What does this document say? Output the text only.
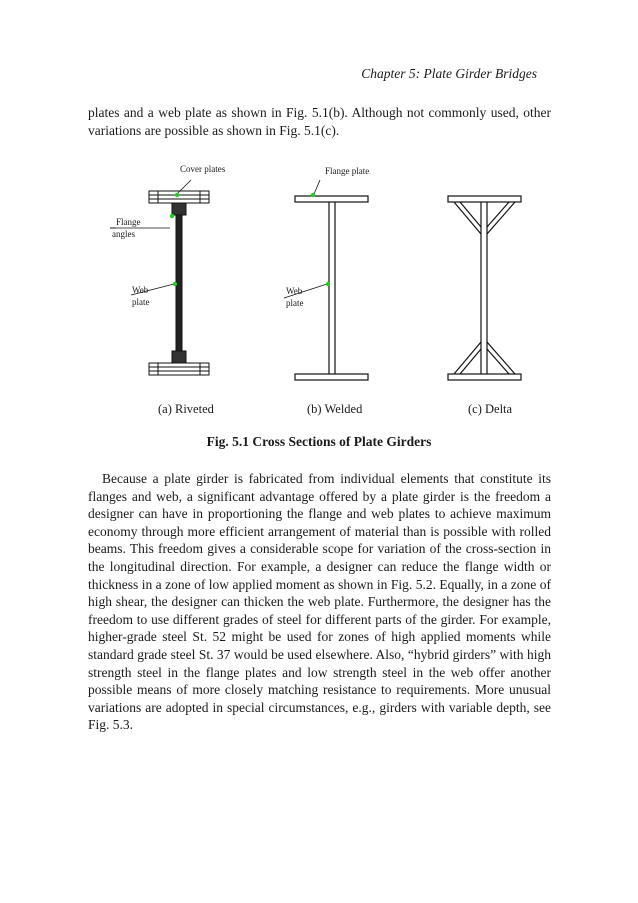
Chapter 5: Plate Girder Bridges

plates and a web plate as shown in Fig. 5.1(b). Although not commonly used, other variations are possible as shown in Fig. 5.1(c).

Cover plates	Flange plate
Flange
angles
Web
plate
Web
plate
(a) Riveted	(b) Welded	(c) Delta
Fig. 5.1 Cross Sections of Plate Girders

Because a plate girder is fabricated from individual elements that constitute its flanges and web, a significant advantage offered by a plate girder is the freedom a designer can have in proportioning the flange and web plates to achieve maximum economy through more efficient arrangement of material than is possible with rolled beams. This freedom gives a considerable scope for variation of the cross-section in the longitudinal direction. For example, a designer can reduce the flange width or thickness in a zone of low applied moment as shown in Fig. 5.2. Equally, in a zone of high shear, the designer can thicken the web plate. Furthermore, the designer has the freedom to use different grades of steel for different parts of the girder. For example, higher-grade steel St. 52 might be used for zones of high applied moments while standard grade steel St. 37 would be used elsewhere. Also, “hybrid girders” with high strength steel in the flange plates and low strength steel in the web offer another possible means of more closely matching resistance to requirements. More unusual variations are adopted in special circumstances, e.g., girders with variable depth, see Fig. 5.3.
